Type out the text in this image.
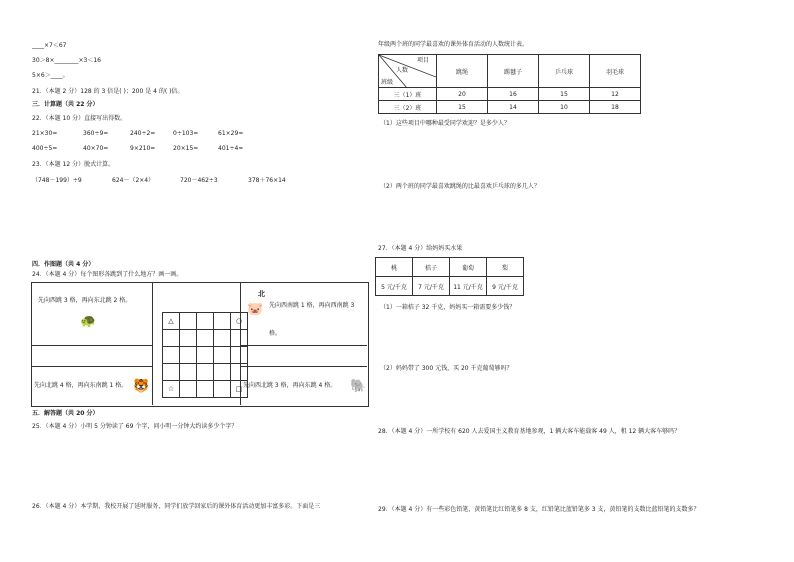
____×7＜67
30＞8×________×3＜16
5×6＞____。
21．（本题 2 分）128 的 3 倍是( )；200 是 4 的( )倍。
三．计算题（共 22 分）
22．（本题 10 分）直接写出得数。
21×30=	360÷9=	240÷2=	0÷103=	61×29≈
400÷5=	40×70=	9×210=	20×15=	401÷4≈
23．（本题 12 分）脱式计算。
（748－199）÷9	624－（2×4）	720－462÷3	378＋76×14
四．作图题（共 4 分）
24．（本题 4 分）每个图形各跳到了什么地方？画一画。
先向西跳 3 格，再向东北跳 2 格。
🐢
北
🐷 先向西南跳 1 格，再向西南跳 3
格。
先向北跳 4 格，再向东南跳 1 格。 🐯	先向西北跳 3 格，再向东跳 4 格。 🐘
△				○

☆				□
五．解答题（共 20 分）
25．（本题 4 分）小明 5 分钟读了 69 个字，问小明一分钟大约读多少个字？
26．（本题 4 分）本学期，我校开展了延时服务，同学们放学回家后的课外体育活动更加丰富多彩。下面是三
年级两个班的同学最喜欢的课外体育活动的人数统计表。
项目
人数
班级	跳绳	踢毽子	乒乓球	羽毛球
三（1）班	20	16	15	12
三（2）班	15	14	10	18
（1）这些项目中哪种最受同学欢迎？是多少人？
（2）两个班的同学最喜欢跳绳的比最喜欢乒乓球的多几人？
27．（本题 4 分）给妈妈买水果
桃	桔子	葡萄	梨
5 元/千克	7 元/千克	11 元/千克	9 元/千克
（1）一箱桔子 32 千克，妈妈买一箱需要多少钱？
（2）妈妈带了 300 元钱，买 20 千克葡萄够吗？
28．（本题 4 分）一所学校有 620 人去爱国主义教育基地参观，1 辆大客车能载客 49 人，租 12 辆大客车够吗？
29．（本题 4 分）有一些彩色铅笔，黄铅笔比红铅笔多 8 支，红铅笔比蓝铅笔多 3 支，黄铅笔的支数比蓝铅笔的支数多？
